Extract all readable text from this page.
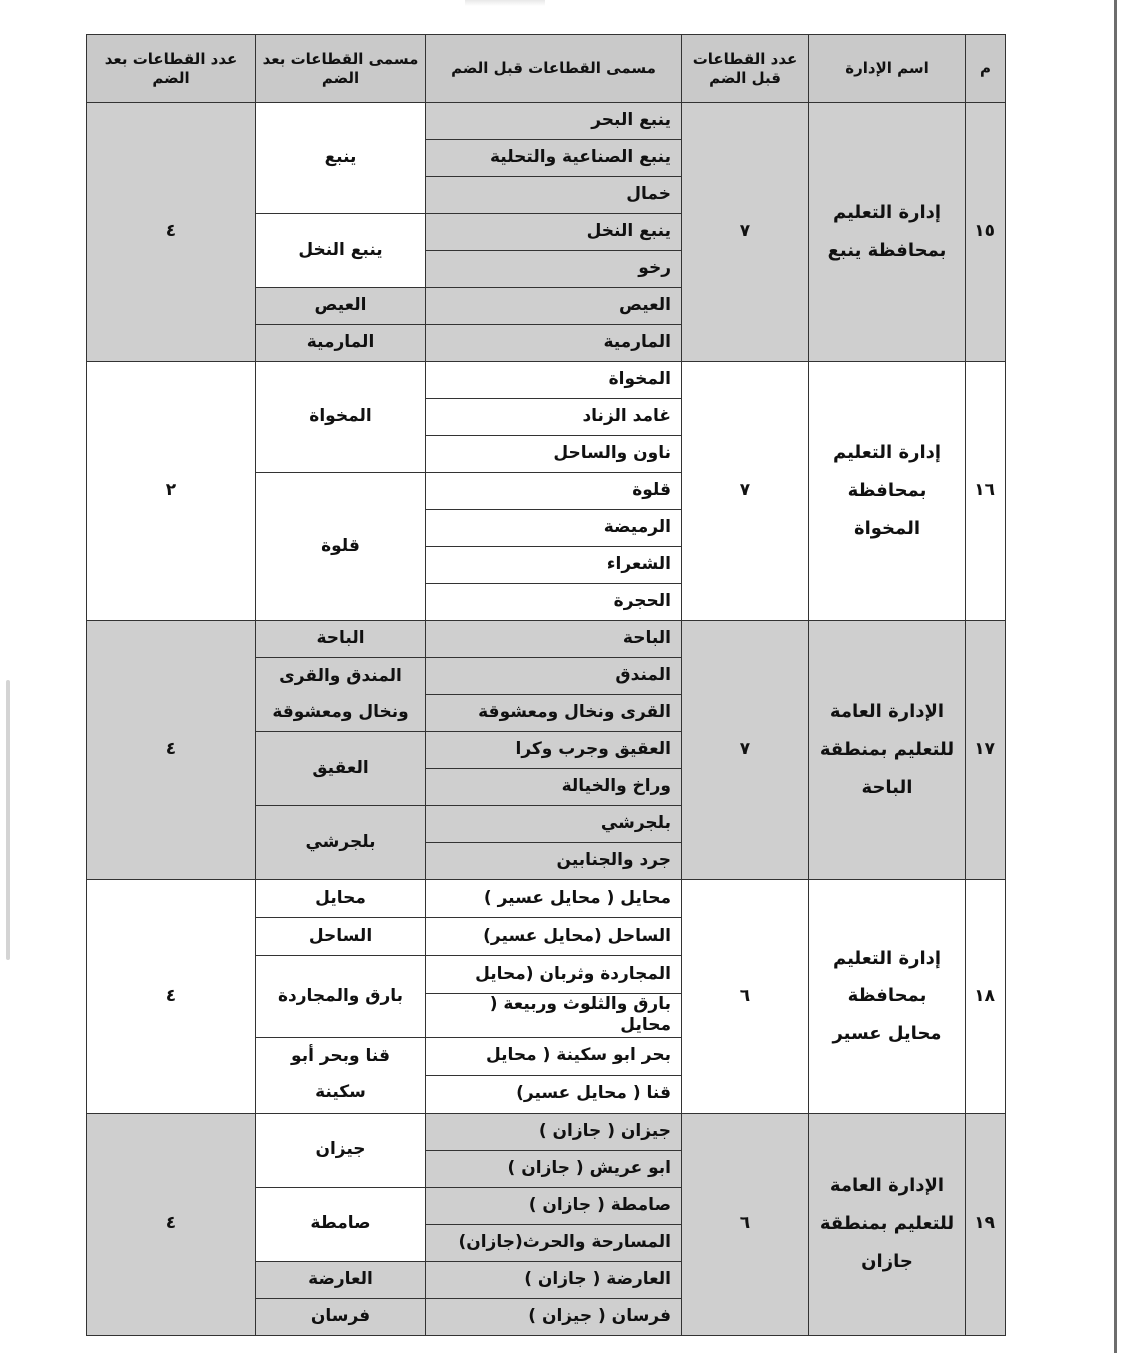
م	اسم الإدارة	عدد القطاعات قبل الضم	مسمى القطاعات قبل الضم	مسمى القطاعات بعد الضم	عدد القطاعات بعد الضم
١٥	إدارة التعليم بمحافظة ينبع	٧	ينبع البحر	ينبع	٤
			ينبع الصناعية والتحلية		
			خمال		
			ينبع النخل	ينبع النخل	
			رخو		
			العيص	العيص	
			المارمية	المارمية	
١٦	إدارة التعليم بمحافظة المخواة	٧	المخواة	المخواة	٢
			غامد الزناد		
			ناون والساحل		
			قلوة	قلوة	
			الرميضة		
			الشعراء		
			الحجرة		
١٧	الإدارة العامة للتعليم بمنطقة الباحة	٧	الباحة	الباحة	٤
			المندق	المندق والقرى ونخال ومعشوقة	
			القرى ونخال ومعشوقة		
			العقيق وجرب وكرا	العقيق	
			وراخ والخيالة		
			بلجرشي	بلجرشي	
			جرد والجنابين		
١٨	إدارة التعليم بمحافظة محايل عسير	٦	محايل ( محايل عسير )	محايل	٤
			الساحل (محايل عسير)	الساحل	
			المجاردة وثربان (محايل	بارق والمجاردة	
			بارق والثلوث وربيعة ( محايل		
			بحر ابو سكينة ( محايل	قنا وبحر أبو سكينة	
			قنا ( محايل عسير)		
١٩	الإدارة العامة للتعليم بمنطقة جازان	٦	جيزان ( جازان )	جيزان	٤
			ابو عريش ( جازان )		
			صامطة ( جازان )	صامطة	
			المسارحة والحرث(جازان)		
			العارضة ( جازان )	العارضة	
			فرسان ( جيزان )	فرسان	
